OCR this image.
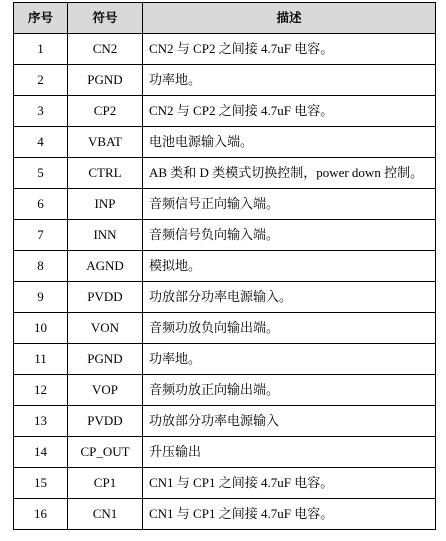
序号	符号	描述
1	CN2	CN2 与 CP2 之间接 4.7uF 电容。
2	PGND	功率地。
3	CP2	CN2 与 CP2 之间接 4.7uF 电容。
4	VBAT	电池电源输入端。
5	CTRL	AB 类和 D 类模式切换控制，power down 控制。
6	INP	音频信号正向输入端。
7	INN	音频信号负向输入端。
8	AGND	模拟地。
9	PVDD	功放部分功率电源输入。
10	VON	音频功放负向输出端。
11	PGND	功率地。
12	VOP	音频功放正向输出端。
13	PVDD	功放部分功率电源输入
14	CP_OUT	升压输出
15	CP1	CN1 与 CP1 之间接 4.7uF 电容。
16	CN1	CN1 与 CP1 之间接 4.7uF 电容。
